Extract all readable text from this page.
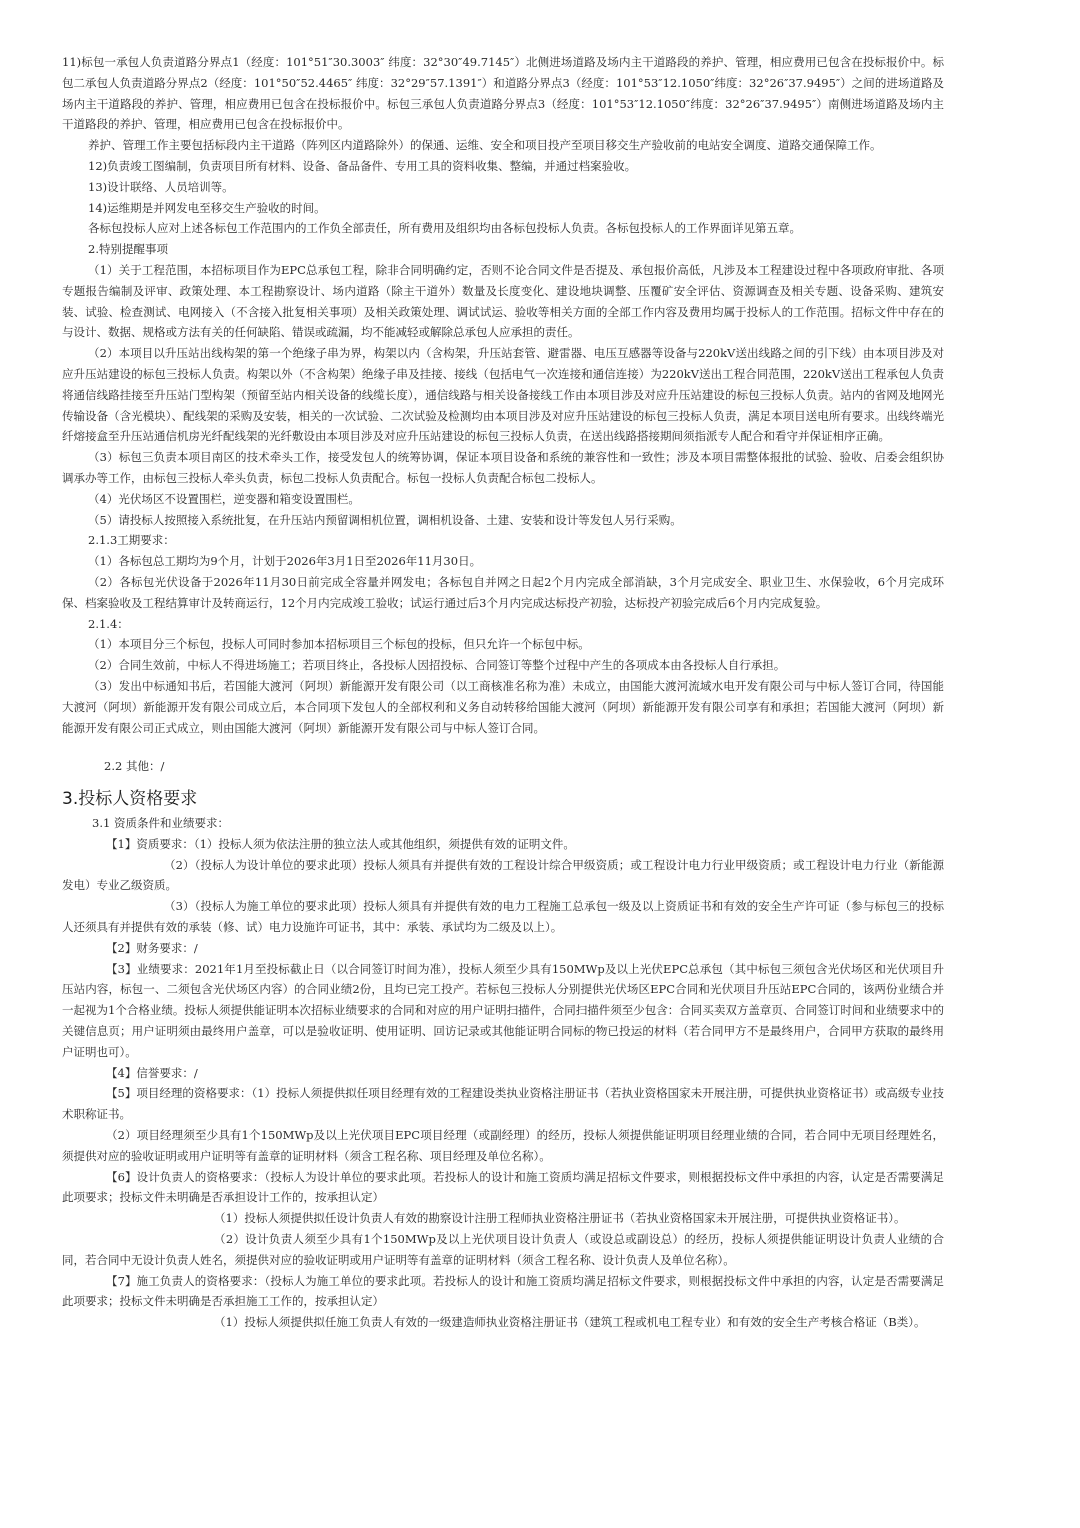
11)标包一承包人负责道路分界点1（经度：101°51″30.3003″ 纬度：32°30″49.7145″）北侧进场道路及场内主干道路段的养护、管理，相应费用已包含在投标报价中。标包二承包人负责道路分界点2（经度：101°50″52.4465″ 纬度：32°29″57.1391″）和道路分界点3（经度：101°53″12.1050″纬度：32°26″37.9495″）之间的进场道路及场内主干道路段的养护、管理，相应费用已包含在投标报价中。标包三承包人负责道路分界点3（经度：101°53″12.1050″纬度：32°26″37.9495″）南侧进场道路及场内主干道路段的养护、管理，相应费用已包含在投标报价中。

养护、管理工作主要包括标段内主干道路（阵列区内道路除外）的保通、运维、安全和项目投产至项目移交生产验收前的电站安全调度、道路交通保障工作。

12)负责竣工图编制，负责项目所有材料、设备、备品备件、专用工具的资料收集、整编，并通过档案验收。

13)设计联络、人员培训等。

14)运维期是并网发电至移交生产验收的时间。

各标包投标人应对上述各标包工作范围内的工作负全部责任，所有费用及组织均由各标包投标人负责。各标包投标人的工作界面详见第五章。

2.特别提醒事项

（1）关于工程范围，本招标项目作为EPC总承包工程，除非合同明确约定，否则不论合同文件是否提及、承包报价高低，凡涉及本工程建设过程中各项政府审批、各项专题报告编制及评审、政策处理、本工程勘察设计、场内道路（除主干道外）数量及长度变化、建设地块调整、压覆矿安全评估、资源调查及相关专题、设备采购、建筑安装、试验、检查测试、电网接入（不含接入批复相关事项）及相关政策处理、调试试运、验收等相关方面的全部工作内容及费用均属于投标人的工作范围。招标文件中存在的与设计、数据、规格或方法有关的任何缺陷、错误或疏漏，均不能减轻或解除总承包人应承担的责任。

（2）本项目以升压站出线构架的第一个绝缘子串为界，构架以内（含构架，升压站套管、避雷器、电压互感器等设备与220kV送出线路之间的引下线）由本项目涉及对应升压站建设的标包三投标人负责。构架以外（不含构架）绝缘子串及挂接、接线（包括电气一次连接和通信连接）为220kV送出工程合同范围，220kV送出工程承包人负责将通信线路挂接至升压站门型构架（预留至站内相关设备的线缆长度），通信线路与相关设备接线工作由本项目涉及对应升压站建设的标包三投标人负责。站内的省网及地网光传输设备（含光模块）、配线架的采购及安装，相关的一次试验、二次试验及检测均由本项目涉及对应升压站建设的标包三投标人负责，满足本项目送电所有要求。出线终端光纤熔接盒至升压站通信机房光纤配线架的光纤敷设由本项目涉及对应升压站建设的标包三投标人负责，在送出线路搭接期间须指派专人配合和看守并保证相序正确。

（3）标包三负责本项目南区的技术牵头工作，接受发包人的统筹协调，保证本项目设备和系统的兼容性和一致性；涉及本项目需整体报批的试验、验收、启委会组织协调承办等工作，由标包三投标人牵头负责，标包二投标人负责配合。标包一投标人负责配合标包二投标人。

（4）光伏场区不设置围栏，逆变器和箱变设置围栏。

（5）请投标人按照接入系统批复，在升压站内预留调相机位置，调相机设备、土建、安装和设计等发包人另行采购。

2.1.3工期要求：

（1）各标包总工期均为9个月，计划于2026年3月1日至2026年11月30日。

（2）各标包光伏设备于2026年11月30日前完成全容量并网发电；各标包自并网之日起2个月内完成全部消缺，3个月完成安全、职业卫生、水保验收，6个月完成环保、档案验收及工程结算审计及转商运行，12个月内完成竣工验收；试运行通过后3个月内完成达标投产初验，达标投产初验完成后6个月内完成复验。

2.1.4：

（1）本项目分三个标包，投标人可同时参加本招标项目三个标包的投标，但只允许一个标包中标。

（2）合同生效前，中标人不得进场施工；若项目终止，各投标人因招投标、合同签订等整个过程中产生的各项成本由各投标人自行承担。

（3）发出中标通知书后，若国能大渡河（阿坝）新能源开发有限公司（以工商核准名称为准）未成立，由国能大渡河流域水电开发有限公司与中标人签订合同，待国能大渡河（阿坝）新能源开发有限公司成立后，本合同项下发包人的全部权利和义务自动转移给国能大渡河（阿坝）新能源开发有限公司享有和承担；若国能大渡河（阿坝）新能源开发有限公司正式成立，则由国能大渡河（阿坝）新能源开发有限公司与中标人签订合同。

2.2 其他：/

3.投标人资格要求

3.1 资质条件和业绩要求：

【1】资质要求：（1）投标人须为依法注册的独立法人或其他组织，须提供有效的证明文件。

（2）（投标人为设计单位的要求此项）投标人须具有并提供有效的工程设计综合甲级资质；或工程设计电力行业甲级资质；或工程设计电力行业（新能源发电）专业乙级资质。

（3）（投标人为施工单位的要求此项）投标人须具有并提供有效的电力工程施工总承包一级及以上资质证书和有效的安全生产许可证（参与标包三的投标人还须具有并提供有效的承装（修、试）电力设施许可证书，其中：承装、承试均为二级及以上）。

【2】财务要求：/

【3】业绩要求：2021年1月至投标截止日（以合同签订时间为准），投标人须至少具有150MWp及以上光伏EPC总承包（其中标包三须包含光伏场区和光伏项目升压站内容，标包一、二须包含光伏场区内容）的合同业绩2份，且均已完工投产。若标包三投标人分别提供光伏场区EPC合同和光伏项目升压站EPC合同的，该两份业绩合并一起视为1个合格业绩。投标人须提供能证明本次招标业绩要求的合同和对应的用户证明扫描件，合同扫描件须至少包含：合同买卖双方盖章页、合同签订时间和业绩要求中的关键信息页；用户证明须由最终用户盖章，可以是验收证明、使用证明、回访记录或其他能证明合同标的物已投运的材料（若合同甲方不是最终用户，合同甲方获取的最终用户证明也可）。

【4】信誉要求：/

【5】项目经理的资格要求：（1）投标人须提供拟任项目经理有效的工程建设类执业资格注册证书（若执业资格国家未开展注册，可提供执业资格证书）或高级专业技术职称证书。

（2）项目经理须至少具有1个150MWp及以上光伏项目EPC项目经理（或副经理）的经历，投标人须提供能证明项目经理业绩的合同，若合同中无项目经理姓名，须提供对应的验收证明或用户证明等有盖章的证明材料（须含工程名称、项目经理及单位名称）。

【6】设计负责人的资格要求：（投标人为设计单位的要求此项。若投标人的设计和施工资质均满足招标文件要求，则根据投标文件中承担的内容，认定是否需要满足此项要求；投标文件未明确是否承担设计工作的，按承担认定）

（1）投标人须提供拟任设计负责人有效的勘察设计注册工程师执业资格注册证书（若执业资格国家未开展注册，可提供执业资格证书）。

（2）设计负责人须至少具有1个150MWp及以上光伏项目设计负责人（或设总或副设总）的经历，投标人须提供能证明设计负责人业绩的合同，若合同中无设计负责人姓名，须提供对应的验收证明或用户证明等有盖章的证明材料（须含工程名称、设计负责人及单位名称）。

【7】施工负责人的资格要求：（投标人为施工单位的要求此项。若投标人的设计和施工资质均满足招标文件要求，则根据投标文件中承担的内容，认定是否需要满足此项要求；投标文件未明确是否承担施工工作的，按承担认定）

（1）投标人须提供拟任施工负责人有效的一级建造师执业资格注册证书（建筑工程或机电工程专业）和有效的安全生产考核合格证（B类）。
